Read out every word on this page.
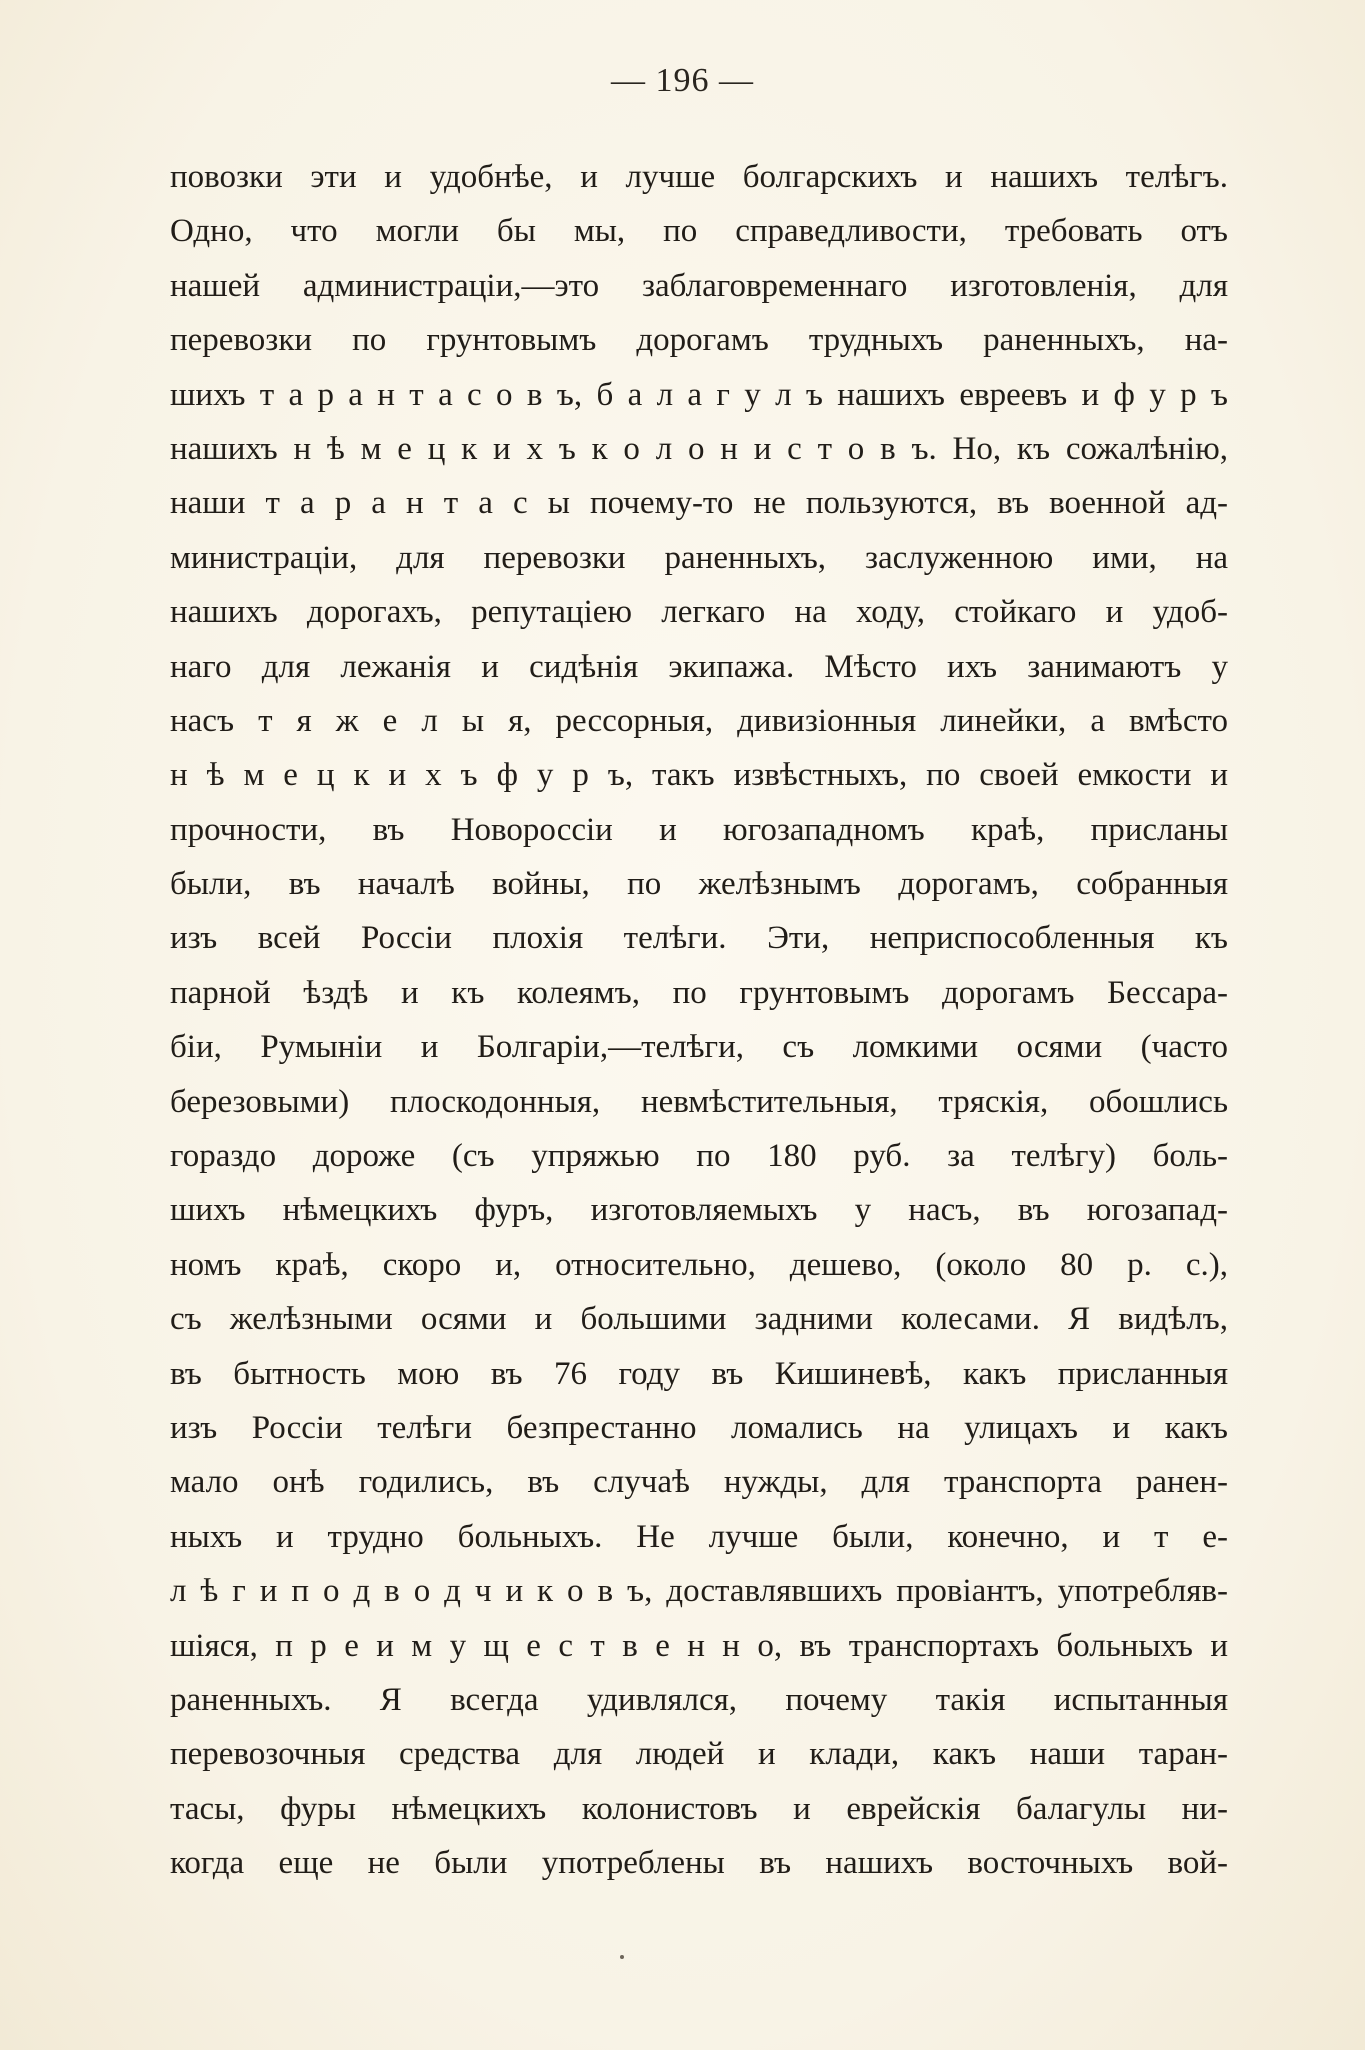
— 196 —
повозки эти и удобнѣе, и лучше болгарскихъ и нашихъ телѣгъ.
Одно, что могли бы мы, по справедливости, требовать отъ
нашей администраціи,—это заблаговременнаго изготовленія, для
перевозки по грунтовымъ дорогамъ трудныхъ раненныхъ, на-
шихъ т а р а н т а с о в ъ, б а л а г у л ъ нашихъ евреевъ и ф у р ъ
нашихъ н ѣ м е ц к и х ъ к о л о н и с т о в ъ. Но, къ сожалѣнію,
наши т а р а н т а с ы почему-то не пользуются, въ военной ад-
министраціи, для перевозки раненныхъ, заслуженною ими, на
нашихъ дорогахъ, репутаціею легкаго на ходу, стойкаго и удоб-
наго для лежанія и сидѣнія экипажа. Мѣсто ихъ занимаютъ у
насъ т я ж е л ы я, рессорныя, дивизіонныя линейки, а вмѣсто
н ѣ м е ц к и х ъ ф у р ъ, такъ извѣстныхъ, по своей емкости и
прочности, въ Новороссіи и югозападномъ краѣ, присланы
были, въ началѣ войны, по желѣзнымъ дорогамъ, собранныя
изъ всей Россіи плохія телѣги. Эти, неприспособленныя къ
парной ѣздѣ и къ колеямъ, по грунтовымъ дорогамъ Бессара-
біи, Румыніи и Болгаріи,—телѣги, съ ломкими осями (часто
березовыми) плоскодонныя, невмѣстительныя, тряскія, обошлись
гораздо дороже (съ упряжью по 180 руб. за телѣгу) боль-
шихъ нѣмецкихъ фуръ, изготовляемыхъ у насъ, въ югозапад-
номъ краѣ, скоро и, относительно, дешево, (около 80 р. с.),
съ желѣзными осями и большими задними колесами. Я видѣлъ,
въ бытность мою въ 76 году въ Кишиневѣ, какъ присланныя
изъ Россіи телѣги безпрестанно ломались на улицахъ и какъ
мало онѣ годились, въ случаѣ нужды, для транспорта ранен-
ныхъ и трудно больныхъ. Не лучше были, конечно, и т е-
л ѣ г и п о д в о д ч и к о в ъ, доставлявшихъ провіантъ, употребляв-
шіяся, п р е и м у щ е с т в е н н о, въ транспортахъ больныхъ и
раненныхъ. Я всегда удивлялся, почему такія испытанныя
перевозочныя средства для людей и клади, какъ наши таран-
тасы, фуры нѣмецкихъ колонистовъ и еврейскія балагулы ни-
когда еще не были употреблены въ нашихъ восточныхъ вой-
